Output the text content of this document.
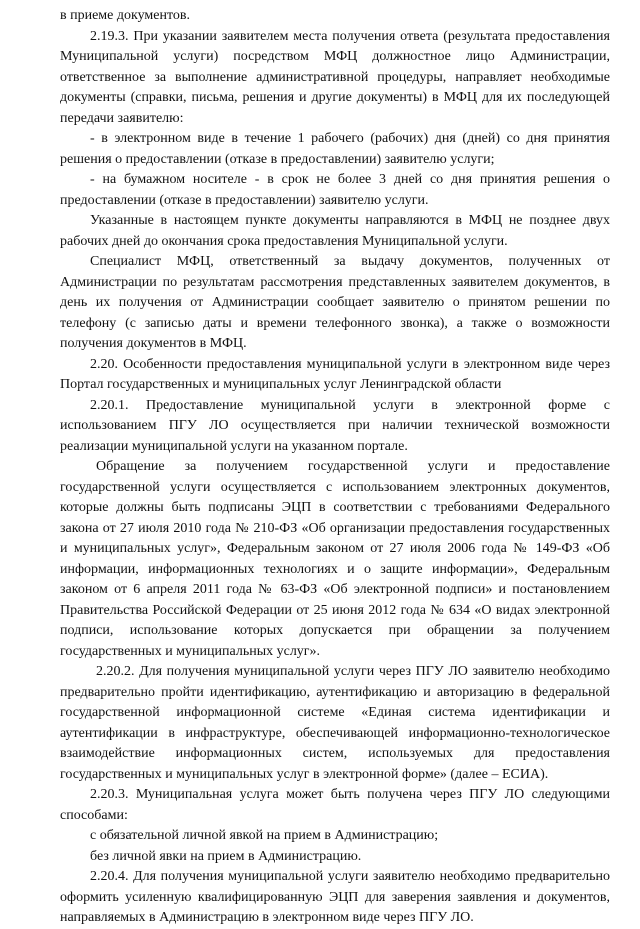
в приеме документов.

2.19.3. При указании заявителем места получения ответа (результата предоставления Муниципальной услуги) посредством МФЦ должностное лицо Администрации, ответственное за выполнение административной процедуры, направляет необходимые документы (справки, письма, решения и другие документы) в МФЦ для их последующей передачи заявителю:

- в электронном виде в течение 1 рабочего (рабочих) дня (дней) со дня принятия решения о предоставлении (отказе в предоставлении) заявителю услуги;

- на бумажном носителе - в срок не более 3 дней со дня принятия решения о предоставлении (отказе в предоставлении) заявителю услуги.

Указанные в настоящем пункте документы направляются в МФЦ не позднее двух рабочих дней до окончания срока предоставления Муниципальной услуги.

Специалист МФЦ, ответственный за выдачу документов, полученных от Администрации по результатам рассмотрения представленных заявителем документов, в день их получения от Администрации сообщает заявителю о принятом решении по телефону (с записью даты и времени телефонного звонка), а также о возможности получения документов в МФЦ.

2.20. Особенности предоставления муниципальной услуги в электронном виде через Портал государственных и муниципальных услуг Ленинградской области

2.20.1. Предоставление муниципальной услуги в электронной форме с использованием ПГУ ЛО осуществляется при наличии технической возможности реализации муниципальной услуги на указанном портале.

Обращение за получением государственной услуги и предоставление государственной услуги осуществляется с использованием электронных документов, которые должны быть подписаны ЭЦП в соответствии с требованиями Федерального закона от 27 июля 2010 года № 210-ФЗ «Об организации предоставления государственных и муниципальных услуг», Федеральным законом от 27 июля 2006 года № 149-ФЗ «Об информации, информационных технологиях и о защите информации», Федеральным законом от 6 апреля 2011 года № 63-ФЗ «Об электронной подписи» и постановлением Правительства Российской Федерации от 25 июня 2012 года № 634 «О видах электронной подписи, использование которых допускается при обращении за получением государственных и муниципальных услуг».

2.20.2. Для получения муниципальной услуги через ПГУ ЛО заявителю необходимо предварительно пройти идентификацию, аутентификацию и авторизацию в федеральной государственной информационной системе «Единая система идентификации и аутентификации в инфраструктуре, обеспечивающей информационно-технологическое взаимодействие информационных систем, используемых для предоставления государственных и муниципальных услуг в электронной форме» (далее – ЕСИА).

2.20.3. Муниципальная услуга может быть получена через ПГУ ЛО следующими способами:

с обязательной личной явкой на прием в Администрацию;

без личной явки на прием в Администрацию.

2.20.4. Для получения муниципальной услуги заявителю необходимо предварительно оформить усиленную квалифицированную ЭЦП для заверения заявления и документов, направляемых в Администрацию в электронном виде через ПГУ ЛО.
